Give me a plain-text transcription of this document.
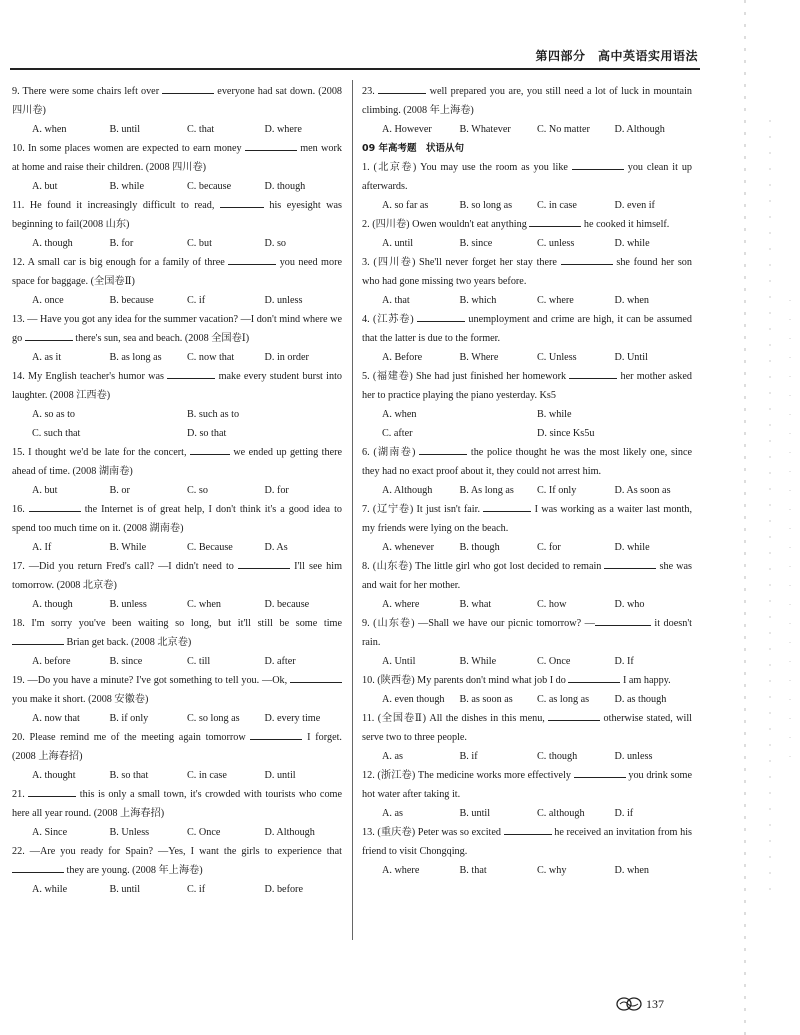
第四部分　高中英语实用语法
9. There were some chairs left over	everyone had sat down. (2008 四川卷)
A. when	B. until	C. that	D. where
10. In some places women are expected to earn money	men work at home and raise their children. (2008 四川卷)
A. but	B. while	C. because	D. though
11. He found it increasingly difficult to read,	his eyesight was beginning to fail(2008 山东)
A. though	B. for	C. but	D. so
12. A small car is big enough for a family of three	you need more space for baggage. (全国卷Ⅱ)
A. once	B. because	C. if	D. unless
13. — Have you got any idea for the summer vacation? —I don't mind where we go	there's sun, sea and beach. (2008 全国卷Ⅰ)
A. as it	B. as long as	C. now that	D. in order
14. My English teacher's humor was	make every student burst into laughter. (2008 江西卷)
A. so as to	B. such as to
C. such that	D. so that
15. I thought we'd be late for the concert,	we ended up getting there ahead of time. (2008 湖南卷)
A. but	B. or	C. so	D. for
16.	the Internet is of great help, I don't think it's a good idea to spend too much time on it. (2008 湖南卷)
A. If	B. While	C. Because	D. As
17. —Did you return Fred's call? —I didn't need to	I'll see him tomorrow. (2008 北京卷)
A. though	B. unless	C. when	D. because
18. I'm sorry you've been waiting so long, but it'll still be some time  Brian get back. (2008 北京卷)
A. before	B. since	C. till	D. after
19. —Do you have a minute? I've got something to tell you. —Ok,  you make it short. (2008 安徽卷)
A. now that	B. if only	C. so long as	D. every time
20. Please remind me of the meeting again tomorrow	I forget. (2008 上海春招)
A. thought	B. so that	C. in case	D. until
21.	this is only a small town, it's crowded with tourists who come here all year round. (2008 上海春招)
A. Since	B. Unless	C. Once	D. Although
22. —Are you ready for Spain? —Yes, I want the girls to experience that  they are young. (2008 年上海卷)
A. while	B. until	C. if	D. before
23.	well prepared you are, you still need a lot of luck in mountain climbing. (2008 年上海卷)
A. However	B. Whatever	C. No matter	D. Although

09 年高考题　状语从句

1. (北京卷) You may use the room as you like	you clean it up afterwards.
A. so far as	B. so long as	C. in case	D. even if
2. (四川卷) Owen wouldn't eat anything	he cooked it himself.
A. until	B. since	C. unless	D. while
3. (四川卷) She'll never forget her stay there	she found her son who had gone missing two years before.
A. that	B. which	C. where	D. when
4. (江苏卷)	unemployment and crime are high, it can be assumed that the latter is due to the former.
A. Before	B. Where	C. Unless	D. Until
5. (福建卷) She had just finished her homework	her mother asked her to practice playing the piano yesterday. Ks5
A. when	B. while
C. after	D. since Ks5u
6. (湖南卷)	the police thought he was the most likely one, since they had no exact proof about it, they could not arrest him.
A. Although	B. As long as	C. If only	D. As soon as
7. (辽宁卷) It just isn't fair.	I was working as a waiter last month, my friends were lying on the beach.
A. whenever	B. though	C. for	D. while
8. (山东卷) The little girl who got lost decided to remain	she was and wait for her mother.
A. where	B. what	C. how	D. who
9. (山东卷) —Shall we have our picnic tomorrow? —	it doesn't rain.
A. Until	B. While	C. Once	D. If
10. (陕西卷) My parents don't mind what job I do	I am happy.
A. even though	B. as soon as	C. as long as	D. as though
11. (全国卷Ⅱ) All the dishes in this menu,	otherwise stated, will serve two to three people.
A. as	B. if	C. though	D. unless
12. (浙江卷) The medicine works more effectively	you drink some hot water after taking it.
A. as	B. until	C. although	D. if
13. (重庆卷) Peter was so excited	he received an invitation from his friend to visit Chongqing.
A. where	B. that	C. why	D. when
137
